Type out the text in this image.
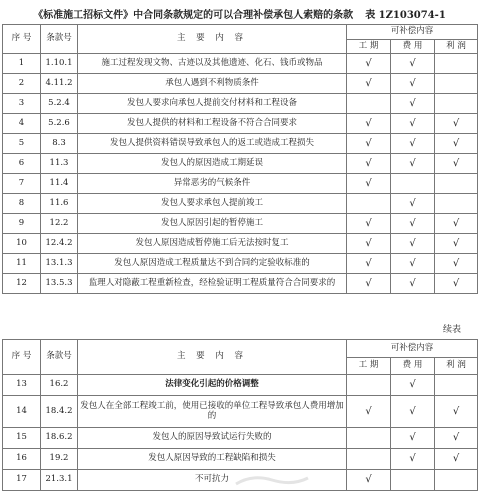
《标准施工招标文件》中合同条款规定的可以合理补偿承包人索赔的条款 表 1Z103074-1
序 号	条款号	主 要 内 容	可补偿内容		
			工 期	费 用	利 润
1	1.10.1	施工过程发现文物、古迹以及其他遗迹、化石、钱币或物品	√	√	
2	4.11.2	承包人遇到不利物质条件	√	√	
3	5.2.4	发包人要求向承包人提前交付材料和工程设备		√	
4	5.2.6	发包人提供的材料和工程设备不符合合同要求	√	√	√
5	8.3	发包人提供资料错误导致承包人的返工或造成工程损失	√	√	√
6	11.3	发包人的原因造成工期延误	√	√	√
7	11.4	异常恶劣的气候条件	√		
8	11.6	发包人要求承包人提前竣工		√	
9	12.2	发包人原因引起的暂停施工	√	√	√
10	12.4.2	发包人原因造成暂停施工后无法按时复工	√	√	√
11	13.1.3	发包人原因造成工程质量达不到合同约定验收标准的	√	√	√
12	13.5.3	监理人对隐蔽工程重新检查，经检验证明工程质量符合合同要求的	√	√	√
续表
序 号	条款号	主 要 内 容	可补偿内容		
			工 期	费 用	利 润
13	16.2	法律变化引起的价格调整		√	
14	18.4.2	发包人在全部工程竣工前，使用已接收的单位工程导致承包人费用增加的	√	√	√
15	18.6.2	发包人的原因导致试运行失败的		√	√
16	19.2	发包人原因导致的工程缺陷和损失		√	√
17	21.3.1	不可抗力	√		
